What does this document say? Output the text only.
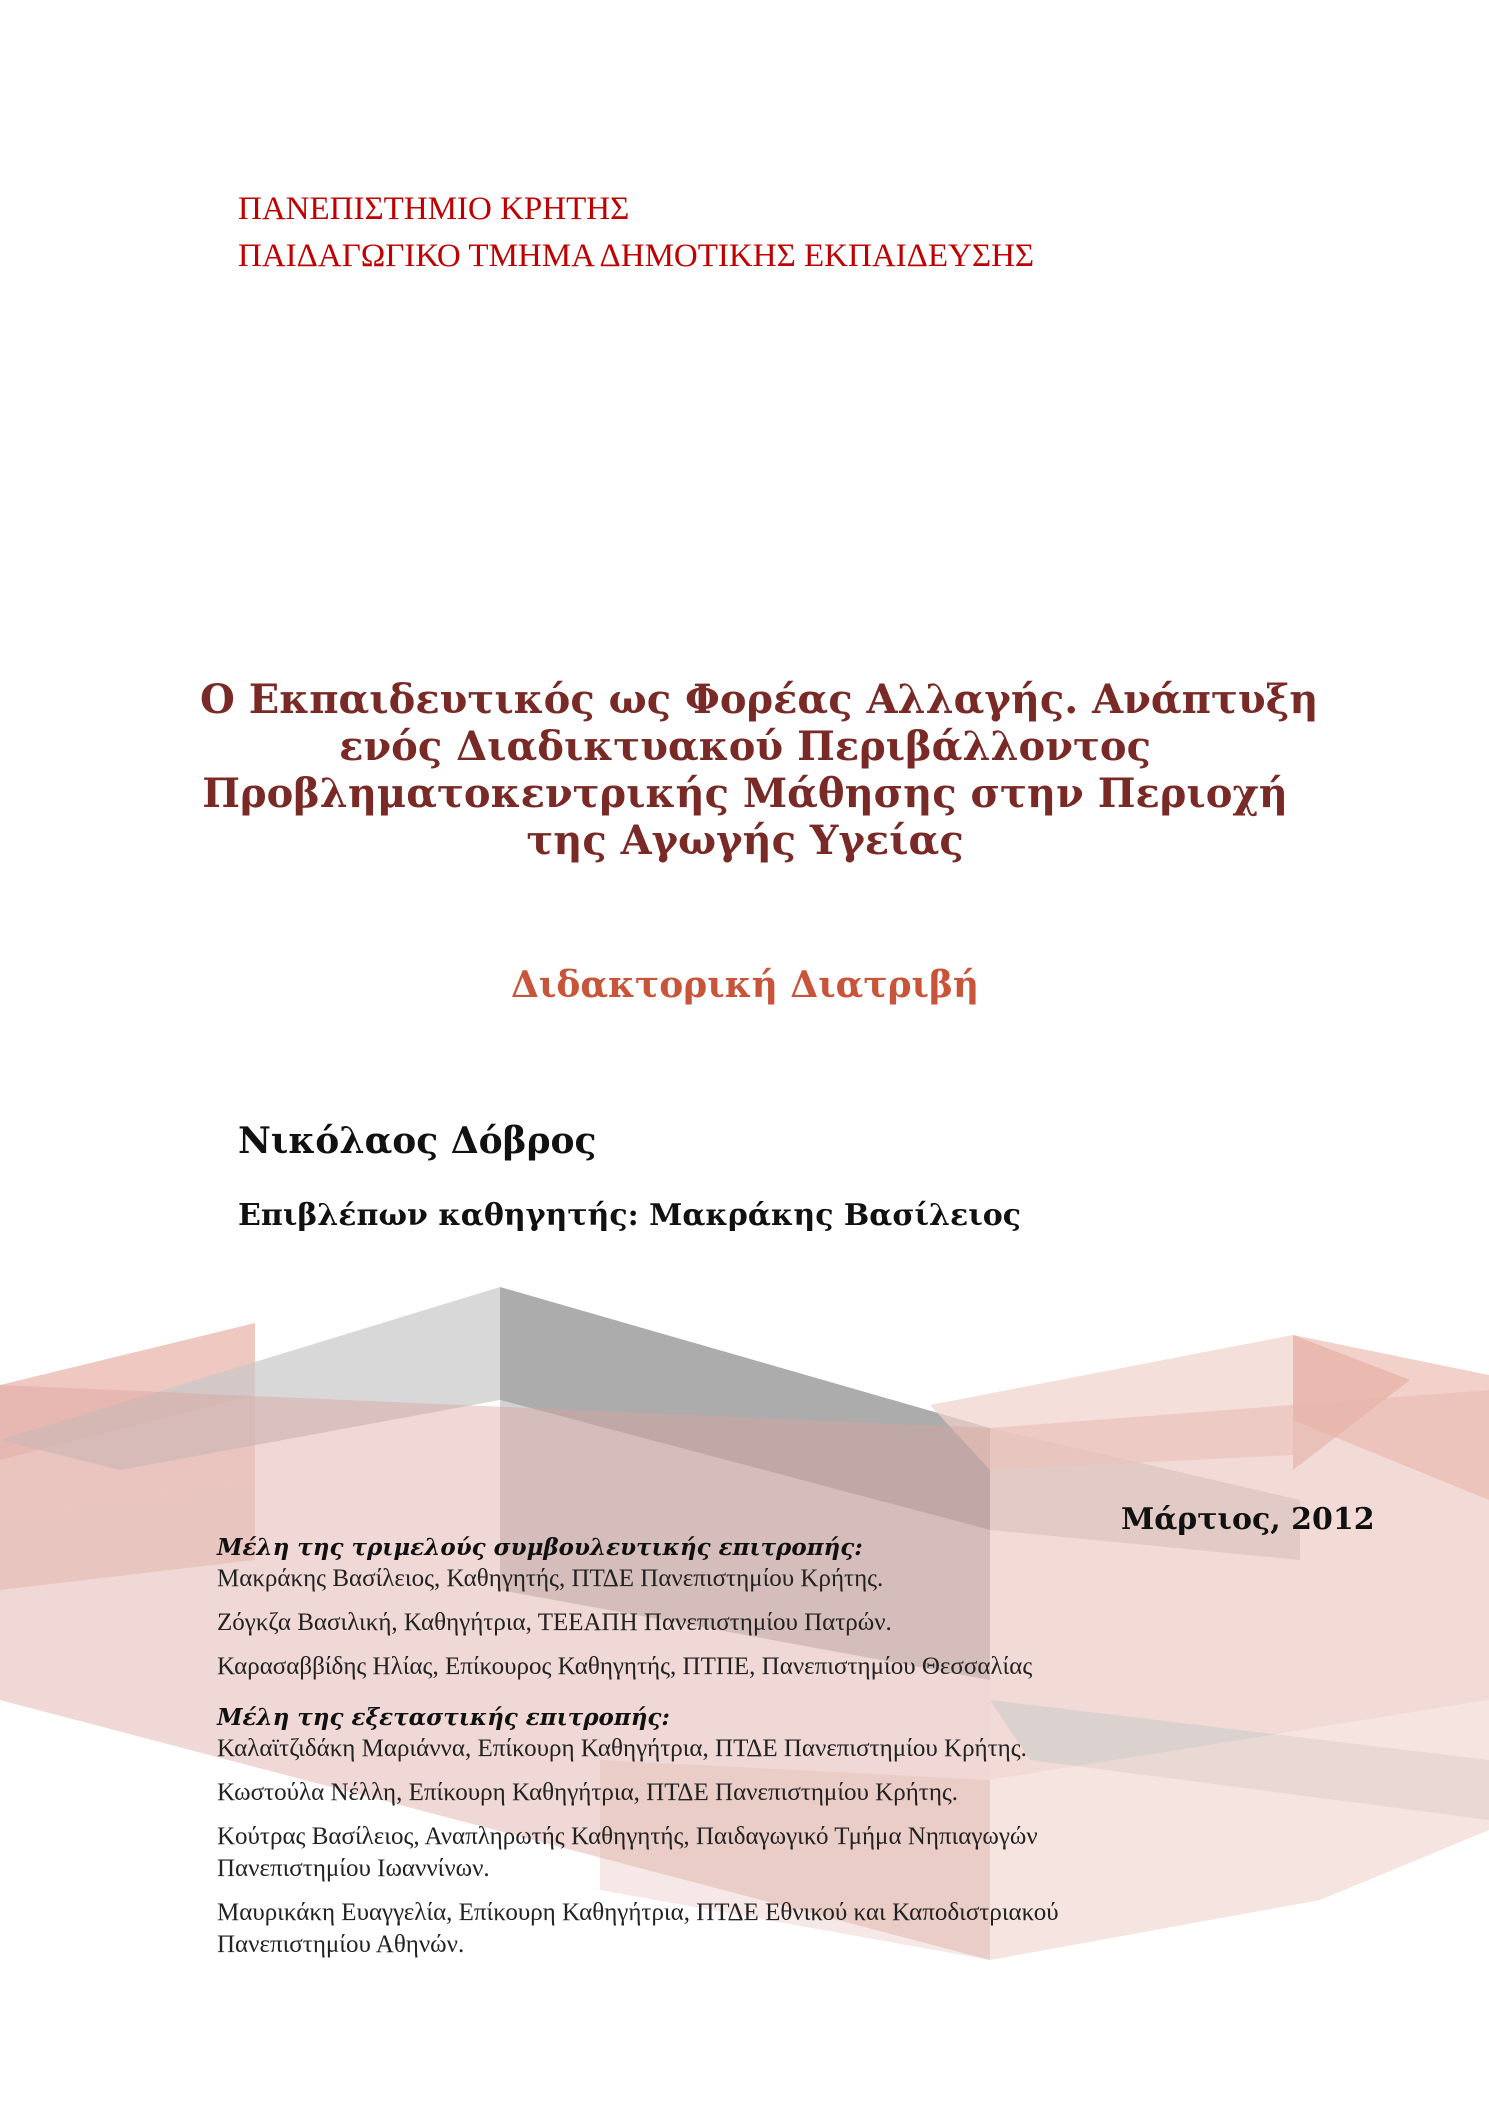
ΠΑΝΕΠΙΣΤΗΜΙΟ ΚΡΗΤΗΣ
ΠΑΙΔΑΓΩΓΙΚΟ ΤΜΗΜΑ ΔΗΜΟΤΙΚΗΣ ΕΚΠΑΙΔΕΥΣΗΣ
Ο Εκπαιδευτικός ως Φορέας Αλλαγής. Ανάπτυξη
ενός Διαδικτυακού Περιβάλλοντος
Προβληματοκεντρικής Μάθησης στην Περιοχή
της Αγωγής Υγείας
Διδακτορική Διατριβή
Νικόλαος Δόβρος
Επιβλέπων καθηγητής: Μακράκης Βασίλειος
Μάρτιος, 2012
Μέλη της τριμελούς συμβουλευτικής επιτροπής:
Μακράκης Βασίλειος, Καθηγητής, ΠΤΔΕ Πανεπιστημίου Κρήτης.
Ζόγκζα Βασιλική, Καθηγήτρια, ΤΕΕΑΠΗ Πανεπιστημίου Πατρών.
Καρασαββίδης Ηλίας, Επίκουρος Καθηγητής, ΠΤΠΕ, Πανεπιστημίου Θεσσαλίας
Μέλη της εξεταστικής επιτροπής:
Καλαϊτζιδάκη Μαριάννα, Επίκουρη Καθηγήτρια, ΠΤΔΕ Πανεπιστημίου Κρήτης.
Κωστούλα Νέλλη, Επίκουρη Καθηγήτρια, ΠΤΔΕ Πανεπιστημίου Κρήτης.
Κούτρας Βασίλειος, Αναπληρωτής Καθηγητής, Παιδαγωγικό Τμήμα Νηπιαγωγών
Πανεπιστημίου Ιωαννίνων.
Μαυρικάκη Ευαγγελία, Επίκουρη Καθηγήτρια, ΠΤΔΕ Εθνικού και Καποδιστριακού
Πανεπιστημίου Αθηνών.
